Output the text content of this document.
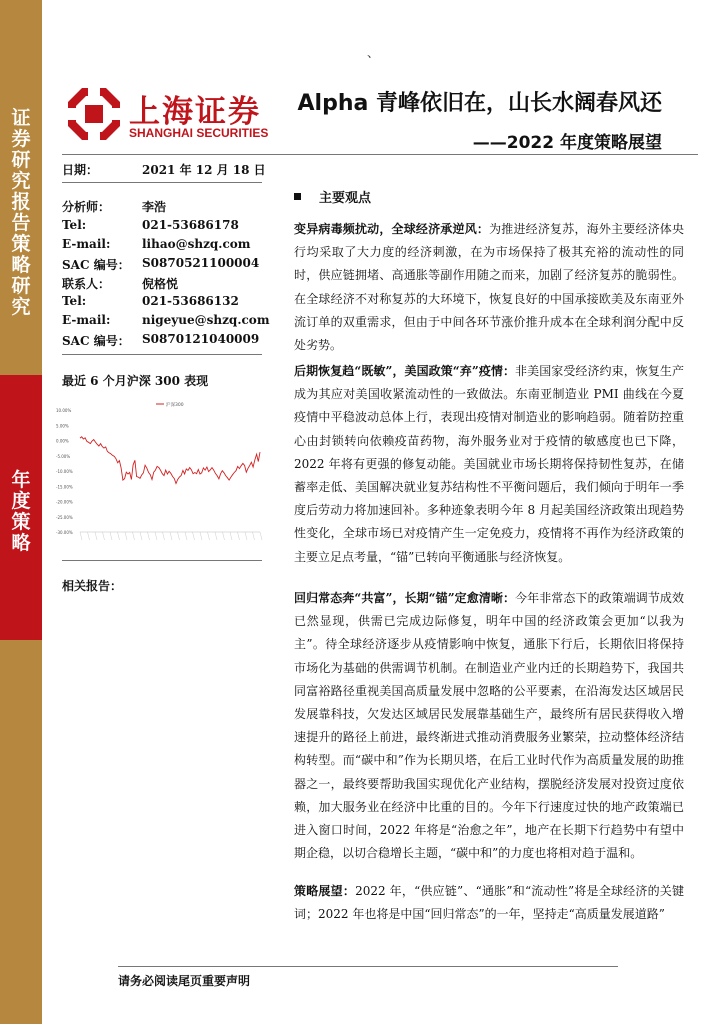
证券研究报告 策略研究
年度策略
、
上海证券
SHANGHAI SECURITIES
Alpha 青峰依旧在，山长水阔春风还
——2022 年度策略展望
日期：	2021 年 12 月 18 日
分析师：	李浩
Tel:	021-53686178
E-mail:	lihao@shzq.com
SAC 编号： S0870521100004
联系人：	倪格悦
Tel:	021-53686132
E-mail:	nigeyue@shzq.com
SAC 编号： S0870121040009
最近 6 个月沪深 300 表现
10.00%
5.00%
0.00%
-5.00%
-10.00%
-15.00%
-20.00%
-25.00%
-30.00%
沪深300
相关报告：
主要观点
变异病毒频扰动，全球经济承逆风：为推进经济复苏，海外主要经济体央行均采取了大力度的经济刺激，在为市场保持了极其充裕的流动性的同时，供应链拥堵、高通胀等副作用随之而来，加剧了经济复苏的脆弱性。在全球经济不对称复苏的大环境下，恢复良好的中国承接欧美及东南亚外流订单的双重需求，但由于中间各环节涨价推升成本在全球利润分配中反处劣势。
后期恢复趋“既敏”，美国政策“弃”疫情：非美国家受经济约束，恢复生产成为其应对美国收紧流动性的一致做法。东南亚制造业 PMI 曲线在今夏疫情中平稳波动总体上行，表现出疫情对制造业的影响趋弱。随着防控重心由封锁转向依赖疫苗药物，海外服务业对于疫情的敏感度也已下降，2022 年将有更强的修复动能。美国就业市场长期将保持韧性复苏，在储蓄率走低、美国解决就业复苏结构性不平衡问题后，我们倾向于明年一季度后劳动力将加速回补。多种迹象表明今年 8 月起美国经济政策出现趋势性变化，全球市场已对疫情产生一定免疫力，疫情将不再作为经济政策的主要立足点考量，“锚”已转向平衡通胀与经济恢复。
回归常态奔“共富”，长期“锚”定愈清晰：今年非常态下的政策端调节成效已然显现，供需已完成边际修复，明年中国的经济政策会更加“以我为主”。待全球经济逐步从疫情影响中恢复，通胀下行后，长期依旧将保持市场化为基础的供需调节机制。在制造业产业内迁的长期趋势下，我国共同富裕路径重视美国高质量发展中忽略的公平要素，在沿海发达区域居民发展靠科技，欠发达区域居民发展靠基础生产，最终所有居民获得收入增速提升的路径上前进，最终渐进式推动消费服务业繁荣，拉动整体经济结构转型。而“碳中和”作为长期贝塔，在后工业时代作为高质量发展的助推器之一，最终要帮助我国实现优化产业结构，摆脱经济发展对投资过度依赖，加大服务业在经济中比重的目的。今年下行速度过快的地产政策端已进入窗口时间，2022 年将是“治愈之年”，地产在长期下行趋势中有望中期企稳，以切合稳增长主题，“碳中和”的力度也将相对趋于温和。
策略展望：2022 年，“供应链”、“通胀”和“流动性”将是全球经济的关键词；2022 年也将是中国“回归常态”的一年，坚持走“高质量发展道路”
请务必阅读尾页重要声明
